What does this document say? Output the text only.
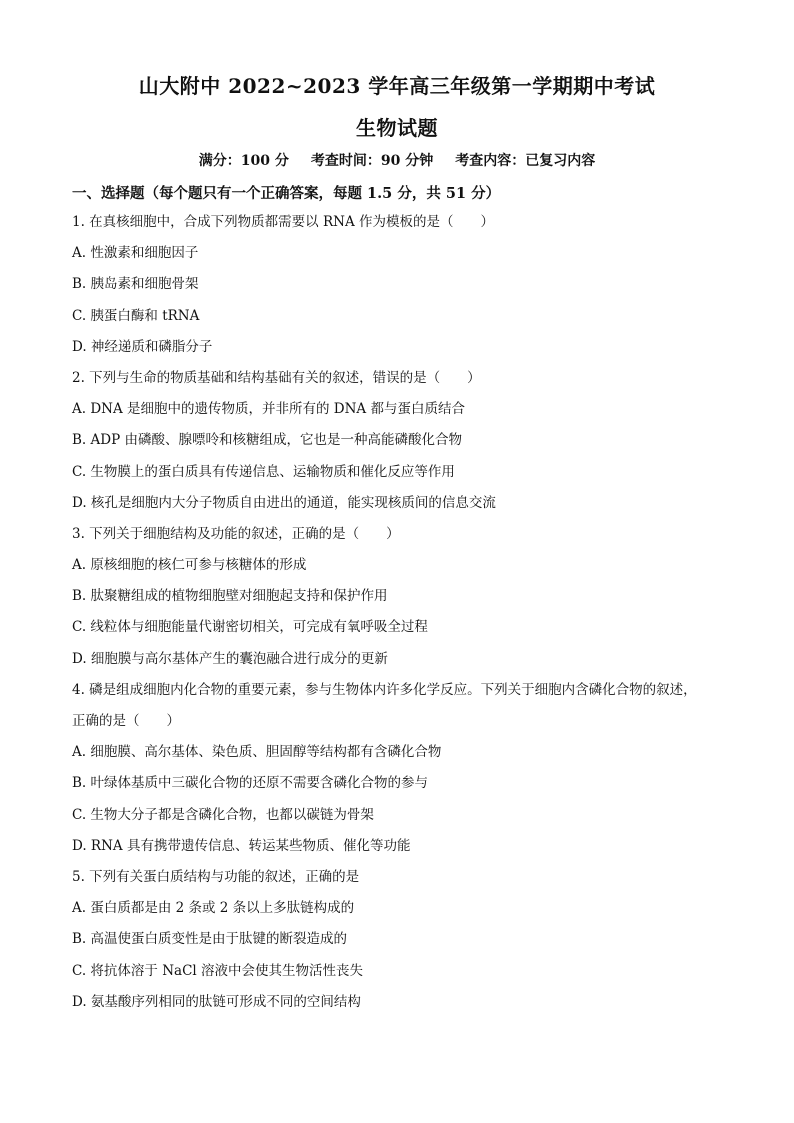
山大附中 2022~2023 学年高三年级第一学期期中考试
生物试题
满分：100 分 考查时间：90 分钟 考查内容：已复习内容
一、选择题（每个题只有一个正确答案，每题 1.5 分，共 51 分）
1. 在真核细胞中，合成下列物质都需要以 RNA 作为模板的是（　　）
A. 性激素和细胞因子
B. 胰岛素和细胞骨架
C. 胰蛋白酶和 tRNA
D. 神经递质和磷脂分子
2. 下列与生命的物质基础和结构基础有关的叙述，错误的是（　　）
A. DNA 是细胞中的遗传物质，并非所有的 DNA 都与蛋白质结合
B. ADP 由磷酸、腺嘌呤和核糖组成，它也是一种高能磷酸化合物
C. 生物膜上的蛋白质具有传递信息、运输物质和催化反应等作用
D. 核孔是细胞内大分子物质自由进出的通道，能实现核质间的信息交流
3. 下列关于细胞结构及功能的叙述，正确的是（　　）
A. 原核细胞的核仁可参与核糖体的形成
B. 肽聚糖组成的植物细胞壁对细胞起支持和保护作用
C. 线粒体与细胞能量代谢密切相关，可完成有氧呼吸全过程
D. 细胞膜与高尔基体产生的囊泡融合进行成分的更新
4. 磷是组成细胞内化合物的重要元素，参与生物体内许多化学反应。下列关于细胞内含磷化合物的叙述，
正确的是（　　）
A. 细胞膜、高尔基体、染色质、胆固醇等结构都有含磷化合物
B. 叶绿体基质中三碳化合物的还原不需要含磷化合物的参与
C. 生物大分子都是含磷化合物，也都以碳链为骨架
D. RNA 具有携带遗传信息、转运某些物质、催化等功能
5. 下列有关蛋白质结构与功能的叙述，正确的是
A. 蛋白质都是由 2 条或 2 条以上多肽链构成的
B. 高温使蛋白质变性是由于肽键的断裂造成的
C. 将抗体溶于 NaCl 溶液中会使其生物活性丧失
D. 氨基酸序列相同的肽链可形成不同的空间结构
